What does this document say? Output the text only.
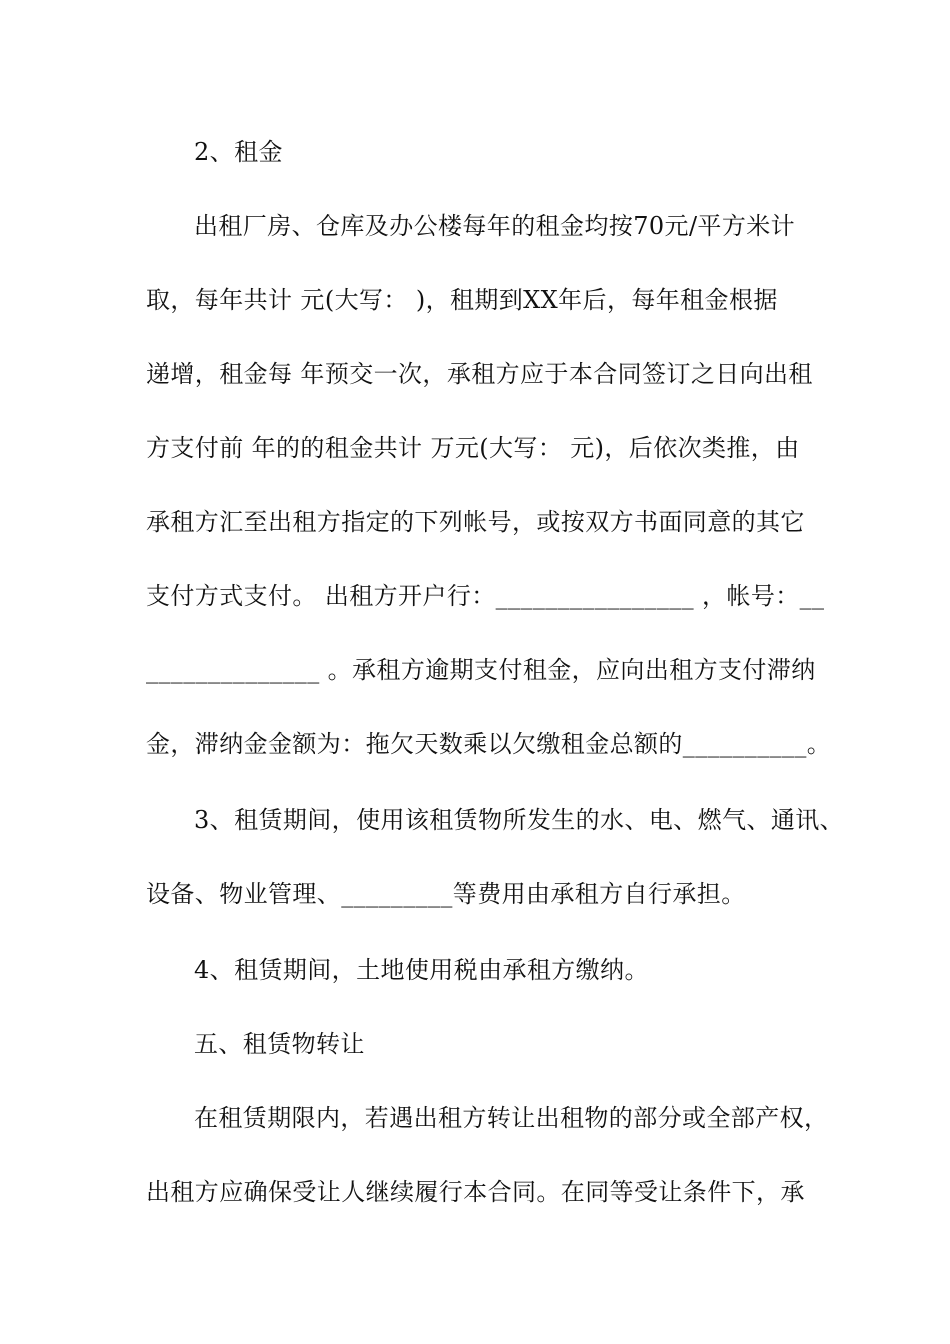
2、租金
出租厂房、仓库及办公楼每年的租金均按70元/平方米计
取，每年共计 元(大写： )，租期到XX年后，每年租金根据
递增，租金每 年预交一次，承租方应于本合同签订之日向出租
方支付前 年的的租金共计 万元(大写： 元)，后依次类推，由
承租方汇至出租方指定的下列帐号，或按双方书面同意的其它
支付方式支付。 出租方开户行：________________ ，帐号：__
______________ 。承租方逾期支付租金，应向出租方支付滞纳
金，滞纳金金额为：拖欠天数乘以欠缴租金总额的__________。
3、租赁期间，使用该租赁物所发生的水、电、燃气、通讯、
设备、物业管理、_________等费用由承租方自行承担。
4、租赁期间，土地使用税由承租方缴纳。
五、租赁物转让
在租赁期限内，若遇出租方转让出租物的部分或全部产权，
出租方应确保受让人继续履行本合同。在同等受让条件下，承
